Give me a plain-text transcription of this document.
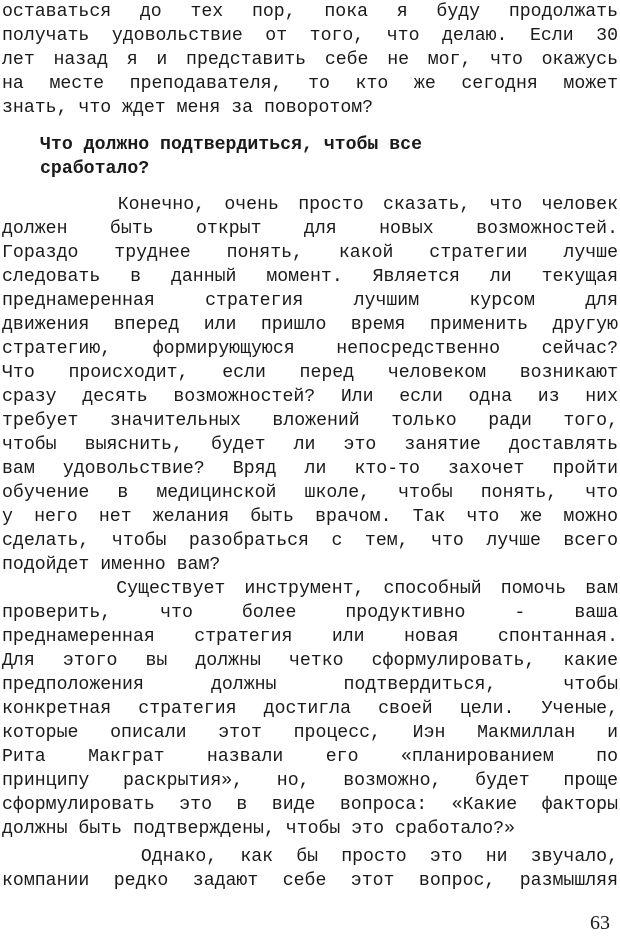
оставаться до тех пор, пока я буду продолжать
получать удовольствие от того, что делаю. Если 30
лет назад я и представить себе не мог, что окажусь
на месте преподавателя, то кто же сегодня может
знать, что ждет меня за поворотом?
Что должно подтвердиться, чтобы все
сработало?
Конечно, очень просто сказать, что человек
должен быть открыт для новых возможностей.
Гораздо труднее понять, какой стратегии лучше
следовать в данный момент. Является ли текущая
преднамеренная стратегия лучшим курсом для
движения вперед или пришло время применить другую
стратегию, формирующуюся непосредственно сейчас?
Что происходит, если перед человеком возникают
сразу десять возможностей? Или если одна из них
требует значительных вложений только ради того,
чтобы выяснить, будет ли это занятие доставлять
вам удовольствие? Вряд ли кто-то захочет пройти
обучение в медицинской школе, чтобы понять, что
у него нет желания быть врачом. Так что же можно
сделать, чтобы разобраться с тем, что лучше всего
подойдет именно вам?
Существует инструмент, способный помочь вам
проверить, что более продуктивно - ваша
преднамеренная стратегия или новая спонтанная.
Для этого вы должны четко сформулировать, какие
предположения должны подтвердиться, чтобы
конкретная стратегия достигла своей цели. Ученые,
которые описали этот процесс, Иэн Макмиллан и
Рита Макграт назвали его «планированием по
принципу раскрытия», но, возможно, будет проще
сформулировать это в виде вопроса: «Какие факторы
должны быть подтверждены, чтобы это сработало?»
Однако, как бы просто это ни звучало,
компании редко задают себе этот вопрос, размышляя
63
